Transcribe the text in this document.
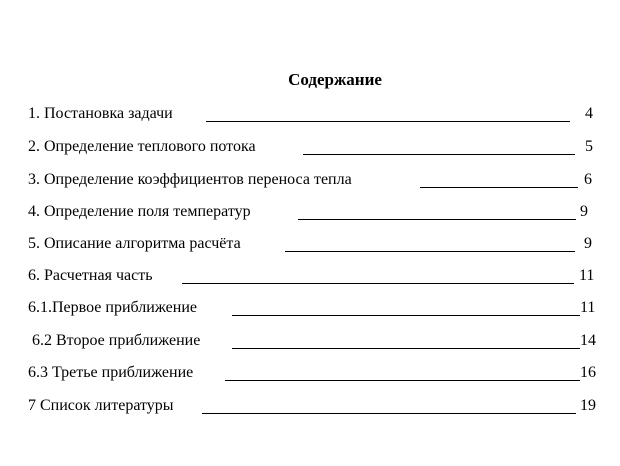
Содержание
1. Постановка задачи	4
2. Определение теплового потока	5
3. Определение коэффициентов переноса тепла	6
4. Определение поля температур	9
5. Описание алгоритма расчёта	9
6. Расчетная часть	11
6.1.Первое приближение	11
6.2 Второе приближение	14
6.3 Третье приближение	16
7 Список литературы	19
